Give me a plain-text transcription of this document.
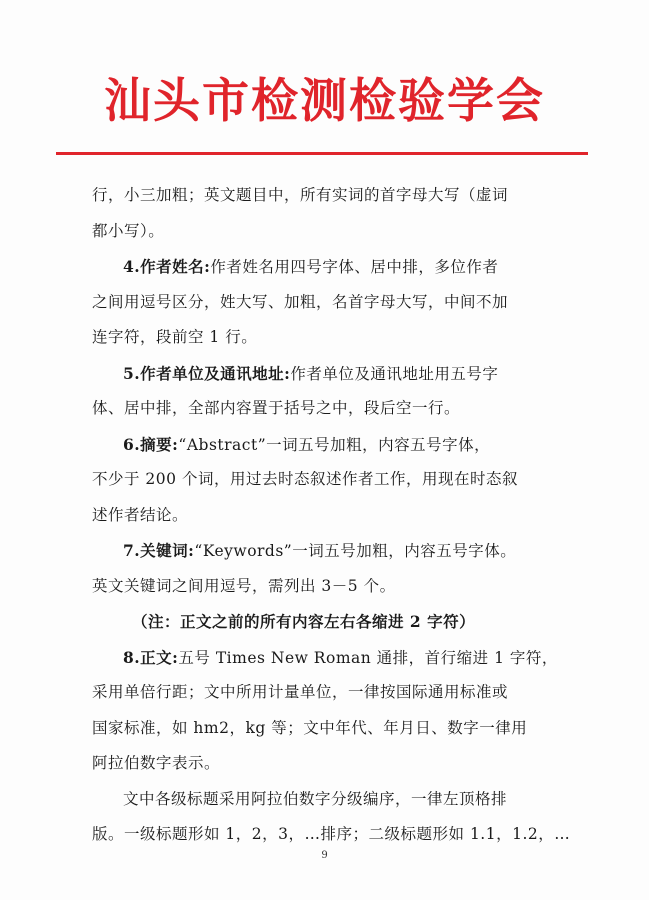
汕头市检测检验学会
行，小三加粗；英文题目中，所有实词的首字母大写（虚词
都小写）。
4.作者姓名:作者姓名用四号字体、居中排，多位作者
之间用逗号区分，姓大写、加粗，名首字母大写，中间不加
连字符，段前空 1 行。
5.作者单位及通讯地址:作者单位及通讯地址用五号字
体、居中排，全部内容置于括号之中，段后空一行。
6.摘要:“Abstract”一词五号加粗，内容五号字体，
不少于 200 个词，用过去时态叙述作者工作，用现在时态叙
述作者结论。
7.关键词:“Keywords”一词五号加粗，内容五号字体。
英文关键词之间用逗号，需列出 3－5 个。
（注：正文之前的所有内容左右各缩进 2 字符）
8.正文:五号 Times New Roman 通排，首行缩进 1 字符，
采用单倍行距；文中所用计量单位，一律按国际通用标准或
国家标准，如 hm2，kg 等；文中年代、年月日、数字一律用
阿拉伯数字表示。
文中各级标题采用阿拉伯数字分级编序，一律左顶格排
版。一级标题形如 1，2，3，…排序；二级标题形如 1.1，1.2，…
9
